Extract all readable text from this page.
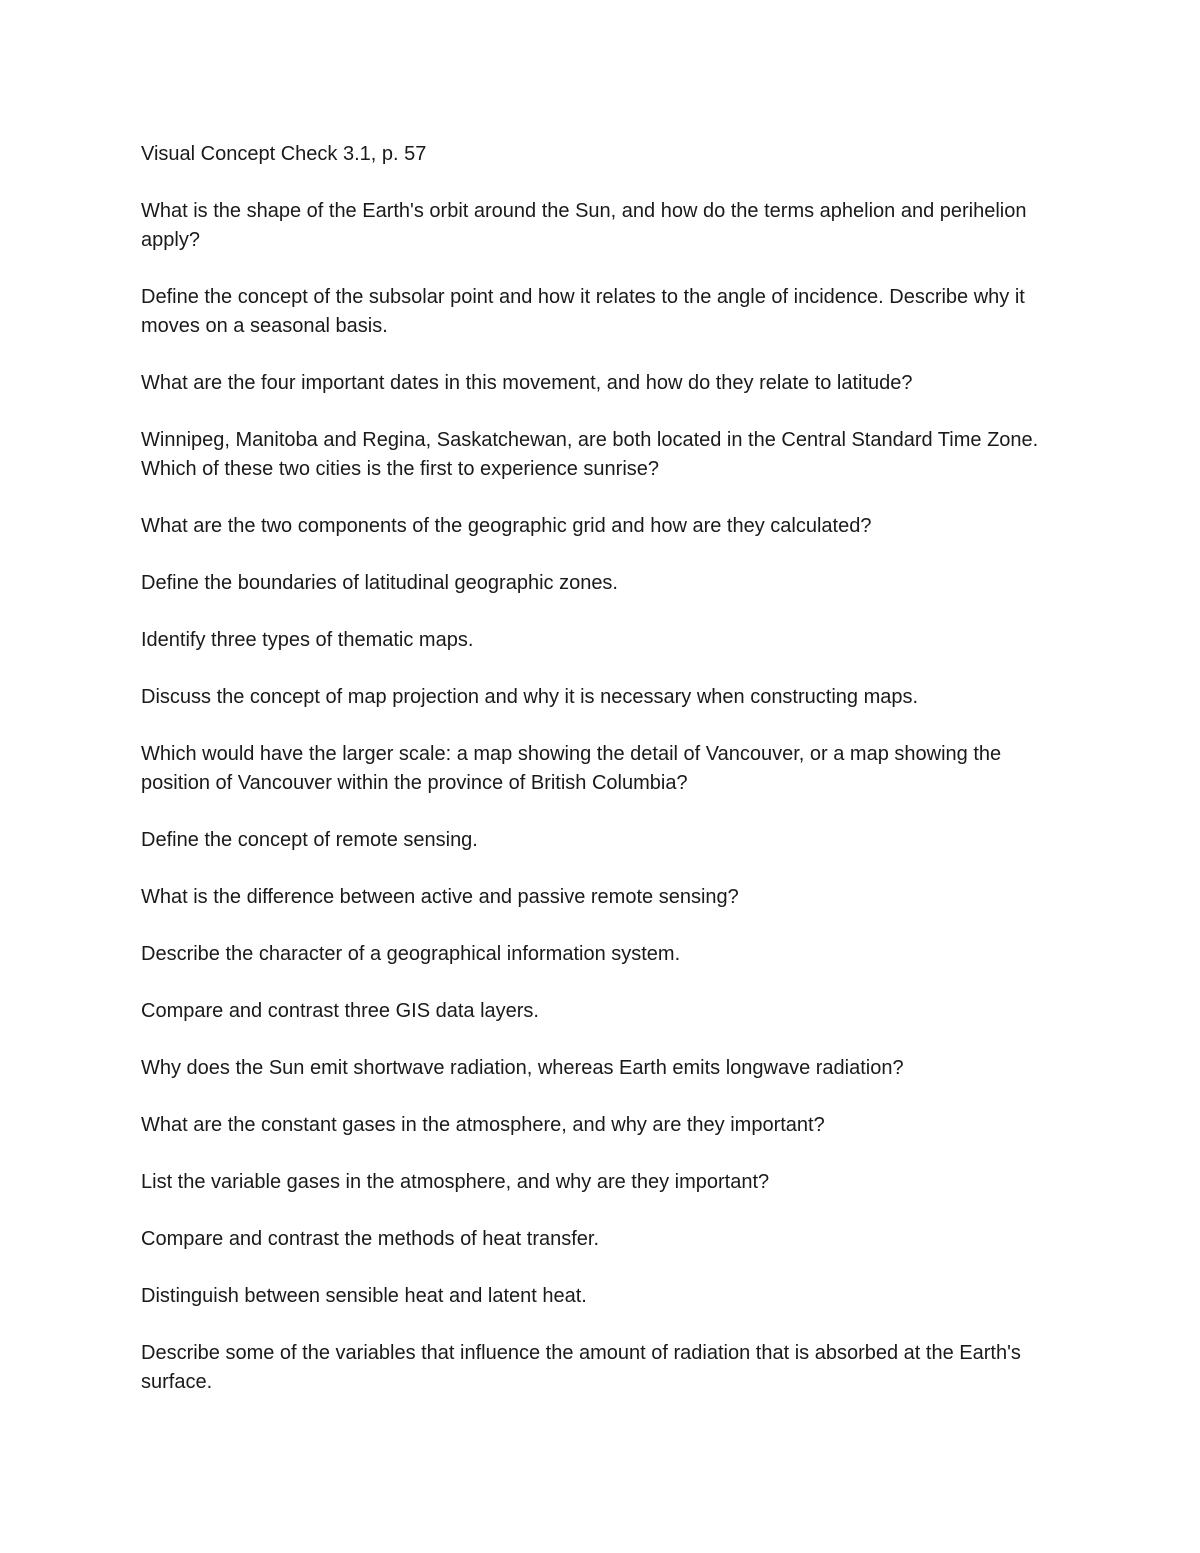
Visual Concept Check 3.1, p. 57

What is the shape of the Earth's orbit around the Sun, and how do the terms aphelion and perihelion apply?

Define the concept of the subsolar point and how it relates to the angle of incidence. Describe why it moves on a seasonal basis.

What are the four important dates in this movement, and how do they relate to latitude?

Winnipeg, Manitoba and Regina, Saskatchewan, are both located in the Central Standard Time Zone. Which of these two cities is the first to experience sunrise?

What are the two components of the geographic grid and how are they calculated?

Define the boundaries of latitudinal geographic zones.

Identify three types of thematic maps.

Discuss the concept of map projection and why it is necessary when constructing maps.

Which would have the larger scale: a map showing the detail of Vancouver, or a map showing the position of Vancouver within the province of British Columbia?

Define the concept of remote sensing.

What is the difference between active and passive remote sensing?

Describe the character of a geographical information system.

Compare and contrast three GIS data layers.

Why does the Sun emit shortwave radiation, whereas Earth emits longwave radiation?

What are the constant gases in the atmosphere, and why are they important?

List the variable gases in the atmosphere, and why are they important?

Compare and contrast the methods of heat transfer.

Distinguish between sensible heat and latent heat.

Describe some of the variables that influence the amount of radiation that is absorbed at the Earth's surface.
